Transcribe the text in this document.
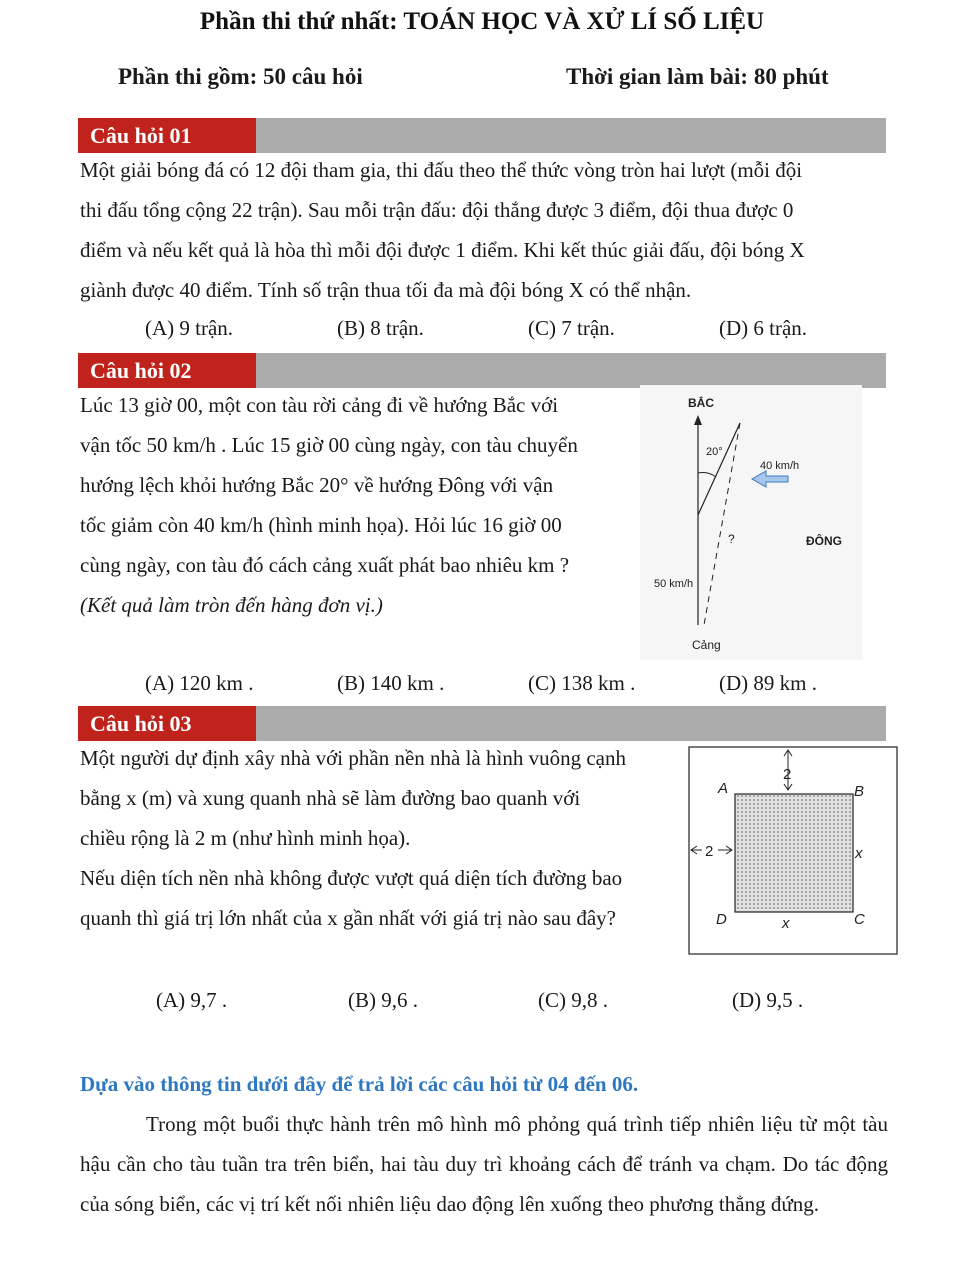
Phần thi thứ nhất: TOÁN HỌC VÀ XỬ LÍ SỐ LIỆU
Phần thi gồm: 50 câu hỏi	Thời gian làm bài: 80 phút
Câu hỏi 01
Một giải bóng đá có 12 đội tham gia, thi đấu theo thể thức vòng tròn hai lượt (mỗi đội
thi đấu tổng cộng 22 trận). Sau mỗi trận đấu: đội thắng được 3 điểm, đội thua được 0
điểm và nếu kết quả là hòa thì mỗi đội được 1 điểm. Khi kết thúc giải đấu, đội bóng X
giành được 40 điểm. Tính số trận thua tối đa mà đội bóng X có thể nhận.
(A) 9 trận.	(B) 8 trận.	(C) 7 trận.	(D) 6 trận.
Câu hỏi 02
Lúc 13 giờ 00, một con tàu rời cảng đi về hướng Bắc với
vận tốc 50 km/h . Lúc 15 giờ 00 cùng ngày, con tàu chuyển
hướng lệch khỏi hướng Bắc 20° về hướng Đông với vận
tốc giảm còn 40 km/h (hình minh họa). Hỏi lúc 16 giờ 00
cùng ngày, con tàu đó cách cảng xuất phát bao nhiêu km ?
(Kết quả làm tròn đến hàng đơn vị.)
BẮC
20°
40 km/h
?	ĐÔNG
50 km/h
Cảng
(A) 120 km .	(B) 140 km .	(C) 138 km .	(D) 89 km .
Câu hỏi 03
Một người dự định xây nhà với phần nền nhà là hình vuông cạnh
bằng x (m) và xung quanh nhà sẽ làm đường bao quanh với
chiều rộng là 2 m (như hình minh họa).
Nếu diện tích nền nhà không được vượt quá diện tích đường bao
quanh thì giá trị lớn nhất của x gần nhất với giá trị nào sau đây?
2
2
A	B
C
D
x
x
(A) 9,7 .	(B) 9,6 .	(C) 9,8 .	(D) 9,5 .
Dựa vào thông tin dưới đây để trả lời các câu hỏi từ 04 đến 06.
Trong một buổi thực hành trên mô hình mô phỏng quá trình tiếp nhiên liệu từ một tàu hậu cần cho tàu tuần tra trên biển, hai tàu duy trì khoảng cách để tránh va chạm. Do tác động của sóng biển, các vị trí kết nối nhiên liệu dao động lên xuống theo phương thẳng đứng.
